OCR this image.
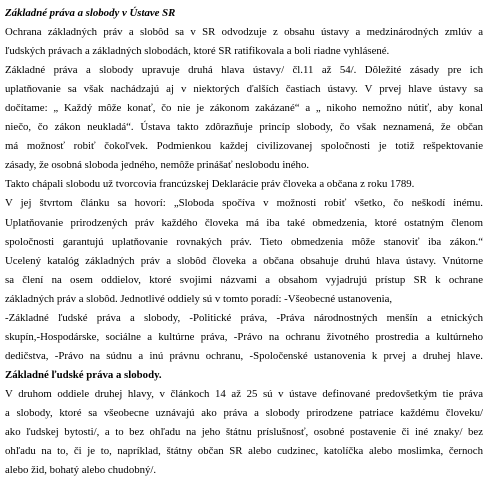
Základné práva a slobody v Ústave SR
Ochrana základných práv a slobôd sa v SR odvodzuje z obsahu ústavy a medzinárodných zmlúv a
ľudských právach a základných slobodách, ktoré SR ratifikovala a boli riadne vyhlásené.
Základné práva a slobody upravuje druhá hlava ústavy/ čl.11 až 54/. Dôležité zásady pre ich
uplatňovanie sa však nachádzajú aj v niektorých ďalších častiach ústavy. V prvej hlave ústavy sa
dočítame: „ Každý môže konať, čo nie je zákonom zakázané“ a „ nikoho nemožno nútiť, aby konal
niečo, čo zákon neukladá“. Ústava takto zdôrazňuje princíp slobody, čo však neznamená, že občan
má možnosť robiť čokoľvek. Podmienkou každej civilizovanej spoločnosti je totiž rešpektovanie
zásady, že osobná sloboda jedného, nemôže prinášať neslobodu iného.
Takto chápali slobodu už tvorcovia francúzskej Deklarácie práv človeka a občana z roku 1789.
V jej štvrtom článku sa hovorí: „Sloboda spočíva v možnosti robiť všetko, čo neškodí inému.
Uplatňovanie prirodzených práv každého človeka má iba také obmedzenia, ktoré ostatným členom
spoločnosti garantujú uplatňovanie rovnakých práv. Tieto obmedzenia môže stanoviť iba zákon.“
Ucelený katalóg základných práv a slobôd človeka a občana obsahuje druhú hlava ústavy. Vnútorne
sa člení na osem oddielov, ktoré svojimi názvami a obsahom vyjadrujú prístup SR k ochrane
základných práv a slobôd. Jednotlivé oddiely sú v tomto poradí: -Všeobecné ustanovenia,
-Základné ľudské práva a slobody, -Politické práva, -Práva národnostných menšín a etnických
skupín,-Hospodárske, sociálne a kultúrne práva, -Právo na ochranu životného prostredia a kultúrneho
dedičstva, -Právo na súdnu a inú právnu ochranu, -Spoločenské ustanovenia k prvej a druhej hlave.
Základné ľudské práva a slobody.
V druhom oddiele druhej hlavy, v článkoch 14 až 25 sú v ústave definované predovšetkým tie práva
a slobody, ktoré sa všeobecne uznávajú ako práva a slobody prirodzene patriace každému človeku/
ako ľudskej bytosti/, a to bez ohľadu na jeho štátnu príslušnosť, osobné postavenie či iné znaky/ bez
ohľadu na to, či je to, napríklad, štátny občan SR alebo cudzinec, katolíčka alebo moslimka, černoch
alebo žid, bohatý alebo chudobný/.
